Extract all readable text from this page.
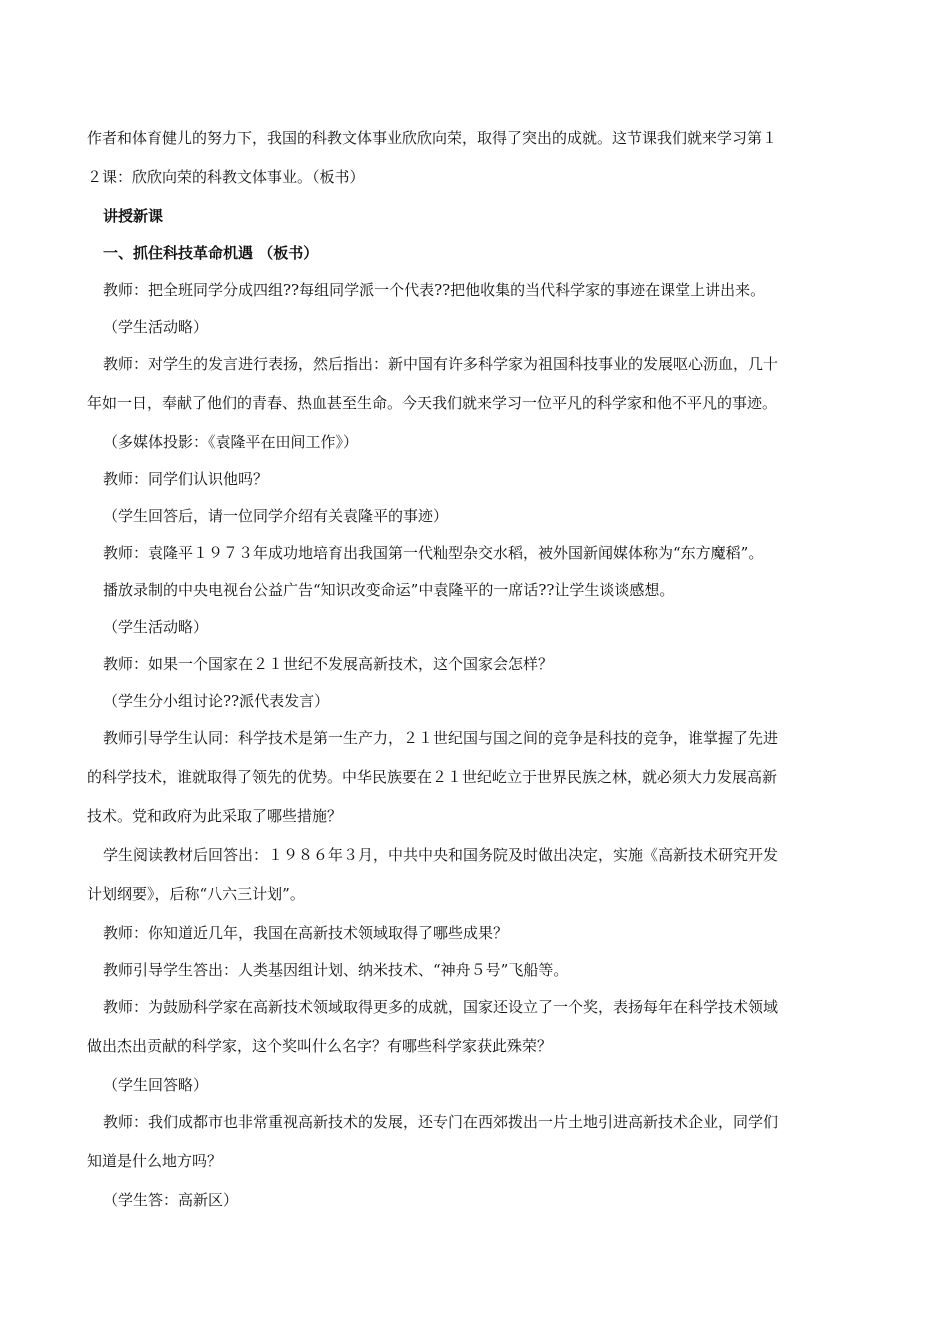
作者和体育健儿的努力下，我国的科教文体事业欣欣向荣，取得了突出的成就。这节课我们就来学习第１
２课：欣欣向荣的科教文体事业。（板书）
讲授新课
一、抓住科技革命机遇 （板书）
教师：把全班同学分成四组??每组同学派一个代表??把他收集的当代科学家的事迹在课堂上讲出来。
（学生活动略）
教师：对学生的发言进行表扬，然后指出：新中国有许多科学家为祖国科技事业的发展呕心沥血，几十
年如一日，奉献了他们的青春、热血甚至生命。今天我们就来学习一位平凡的科学家和他不平凡的事迹。
（多媒体投影：《袁隆平在田间工作》）
教师：同学们认识他吗？
（学生回答后，请一位同学介绍有关袁隆平的事迹）
教师：袁隆平１９７３年成功地培育出我国第一代籼型杂交水稻，被外国新闻媒体称为“东方魔稻”。
播放录制的中央电视台公益广告“知识改变命运”中袁隆平的一席话??让学生谈谈感想。
（学生活动略）
教师：如果一个国家在２１世纪不发展高新技术，这个国家会怎样？
（学生分小组讨论??派代表发言）
教师引导学生认同：科学技术是第一生产力，２１世纪国与国之间的竞争是科技的竞争，谁掌握了先进
的科学技术，谁就取得了领先的优势。中华民族要在２１世纪屹立于世界民族之林，就必须大力发展高新
技术。党和政府为此采取了哪些措施？
学生阅读教材后回答出：１９８６年３月，中共中央和国务院及时做出决定，实施《高新技术研究开发
计划纲要》，后称“八六三计划”。
教师：你知道近几年，我国在高新技术领域取得了哪些成果？
教师引导学生答出：人类基因组计划、纳米技术、“神舟５号”飞船等。
教师：为鼓励科学家在高新技术领域取得更多的成就，国家还设立了一个奖，表扬每年在科学技术领域
做出杰出贡献的科学家，这个奖叫什么名字？有哪些科学家获此殊荣？
（学生回答略）
教师：我们成都市也非常重视高新技术的发展，还专门在西郊拨出一片土地引进高新技术企业，同学们
知道是什么地方吗？
（学生答：高新区）
